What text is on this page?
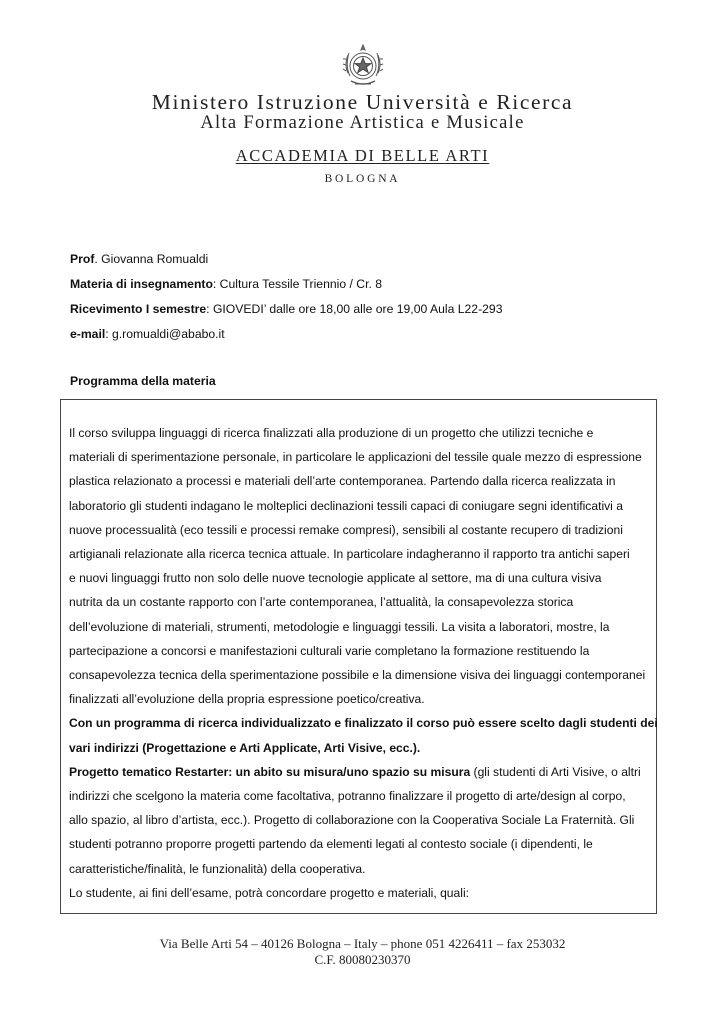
Ministero Istruzione Università e Ricerca
Alta Formazione Artistica e Musicale
ACCADEMIA DI BELLE ARTI
BOLOGNA
Prof. Giovanna Romualdi
Materia di insegnamento: Cultura Tessile Triennio / Cr. 8
Ricevimento I semestre: GIOVEDI’ dalle ore 18,00 alle ore 19,00 Aula L22-293
e-mail: g.romualdi@ababo.it
Programma della materia
Il corso sviluppa linguaggi di ricerca finalizzati alla produzione di un progetto che utilizzi tecniche e
materiali di sperimentazione personale, in particolare le applicazioni del tessile quale mezzo di espressione
plastica relazionato a processi e materiali dell’arte contemporanea. Partendo dalla ricerca realizzata in
laboratorio gli studenti indagano le molteplici declinazioni tessili capaci di coniugare segni identificativi a
nuove processualità (eco tessili e processi remake compresi), sensibili al costante recupero di tradizioni
artigianali relazionate alla ricerca tecnica attuale. In particolare indagheranno il rapporto tra antichi saperi
e nuovi linguaggi frutto non solo delle nuove tecnologie applicate al settore, ma di una cultura visiva
nutrita da un costante rapporto con l’arte contemporanea, l’attualità, la consapevolezza storica
dell’evoluzione di materiali, strumenti, metodologie e linguaggi tessili. La visita a laboratori, mostre, la
partecipazione a concorsi e manifestazioni culturali varie completano la formazione restituendo la
consapevolezza tecnica della sperimentazione possibile e la dimensione visiva dei linguaggi contemporanei
finalizzati all’evoluzione della propria espressione poetico/creativa.
Con un programma di ricerca individualizzato e finalizzato il corso può essere scelto dagli studenti dei
vari indirizzi (Progettazione e Arti Applicate, Arti Visive, ecc.).
Progetto tematico Restarter: un abito su misura/uno spazio su misura (gli studenti di Arti Visive, o altri
indirizzi che scelgono la materia come facoltativa, potranno finalizzare il progetto di arte/design al corpo,
allo spazio, al libro d’artista, ecc.). Progetto di collaborazione con la Cooperativa Sociale La Fraternità. Gli
studenti potranno proporre progetti partendo da elementi legati al contesto sociale (i dipendenti, le
caratteristiche/finalità, le funzionalità) della cooperativa.
Lo studente, ai fini dell’esame, potrà concordare progetto e materiali, quali:
Via Belle Arti 54 – 40126 Bologna – Italy – phone 051 4226411 – fax 253032
C.F. 80080230370
